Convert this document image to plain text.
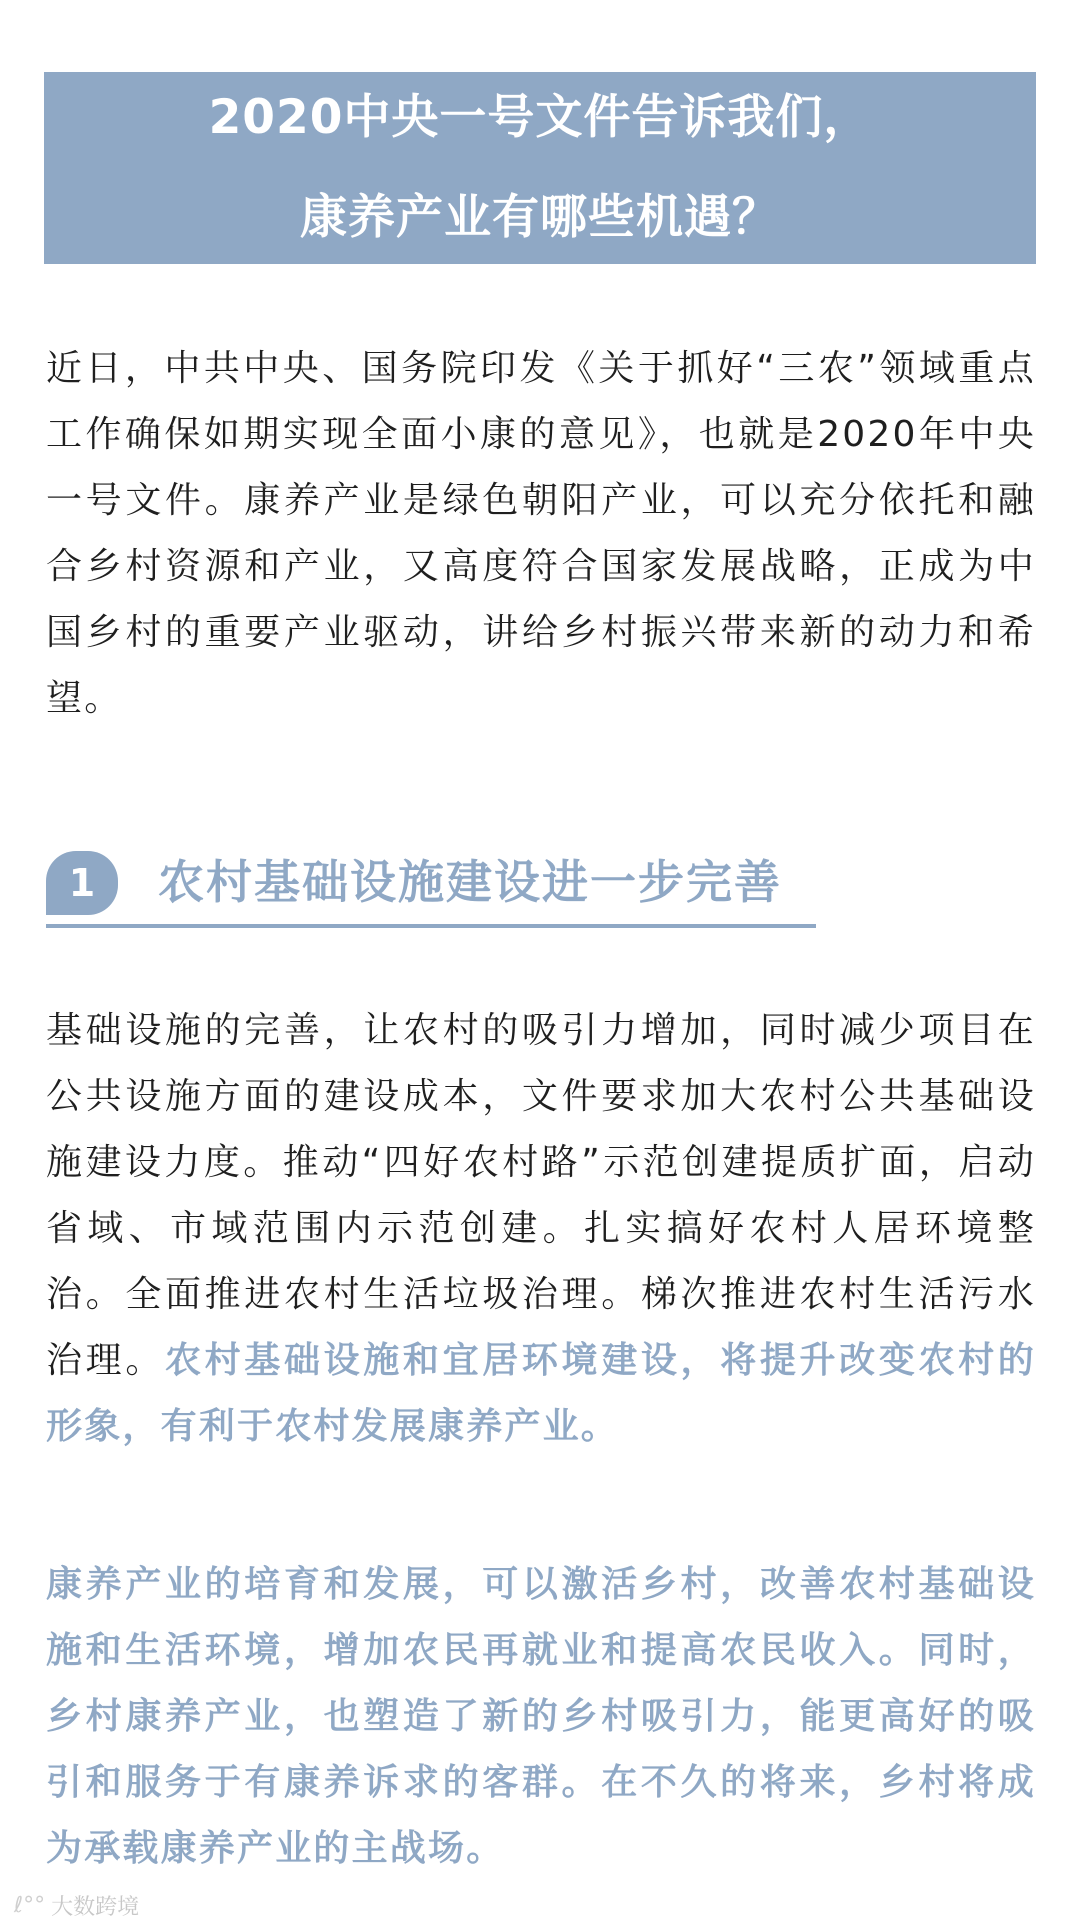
2020中央一号文件告诉我们，
康养产业有哪些机遇？

近日，中共中央、国务院印发《关于抓好“三农”领域重点工作确保如期实现全面小康的意见》，也就是2020年中央一号文件。康养产业是绿色朝阳产业，可以充分依托和融合乡村资源和产业，又高度符合国家发展战略，正成为中国乡村的重要产业驱动，讲给乡村振兴带来新的动力和希望。

1	农村基础设施建设进一步完善

基础设施的完善，让农村的吸引力增加，同时减少项目在公共设施方面的建设成本，文件要求加大农村公共基础设施建设力度。推动“四好农村路”示范创建提质扩面，启动省域、市域范围内示范创建。扎实搞好农村人居环境整治。全面推进农村生活垃圾治理。梯次推进农村生活污水治理。农村基础设施和宜居环境建设，将提升改变农村的形象，有利于农村发展康养产业。

康养产业的培育和发展，可以激活乡村，改善农村基础设施和生活环境，增加农民再就业和提高农民收入。同时，乡村康养产业，也塑造了新的乡村吸引力，能更高好的吸引和服务于有康养诉求的客群。在不久的将来，乡村将成为承载康养产业的主战场。

ℓ°° 大数跨境
